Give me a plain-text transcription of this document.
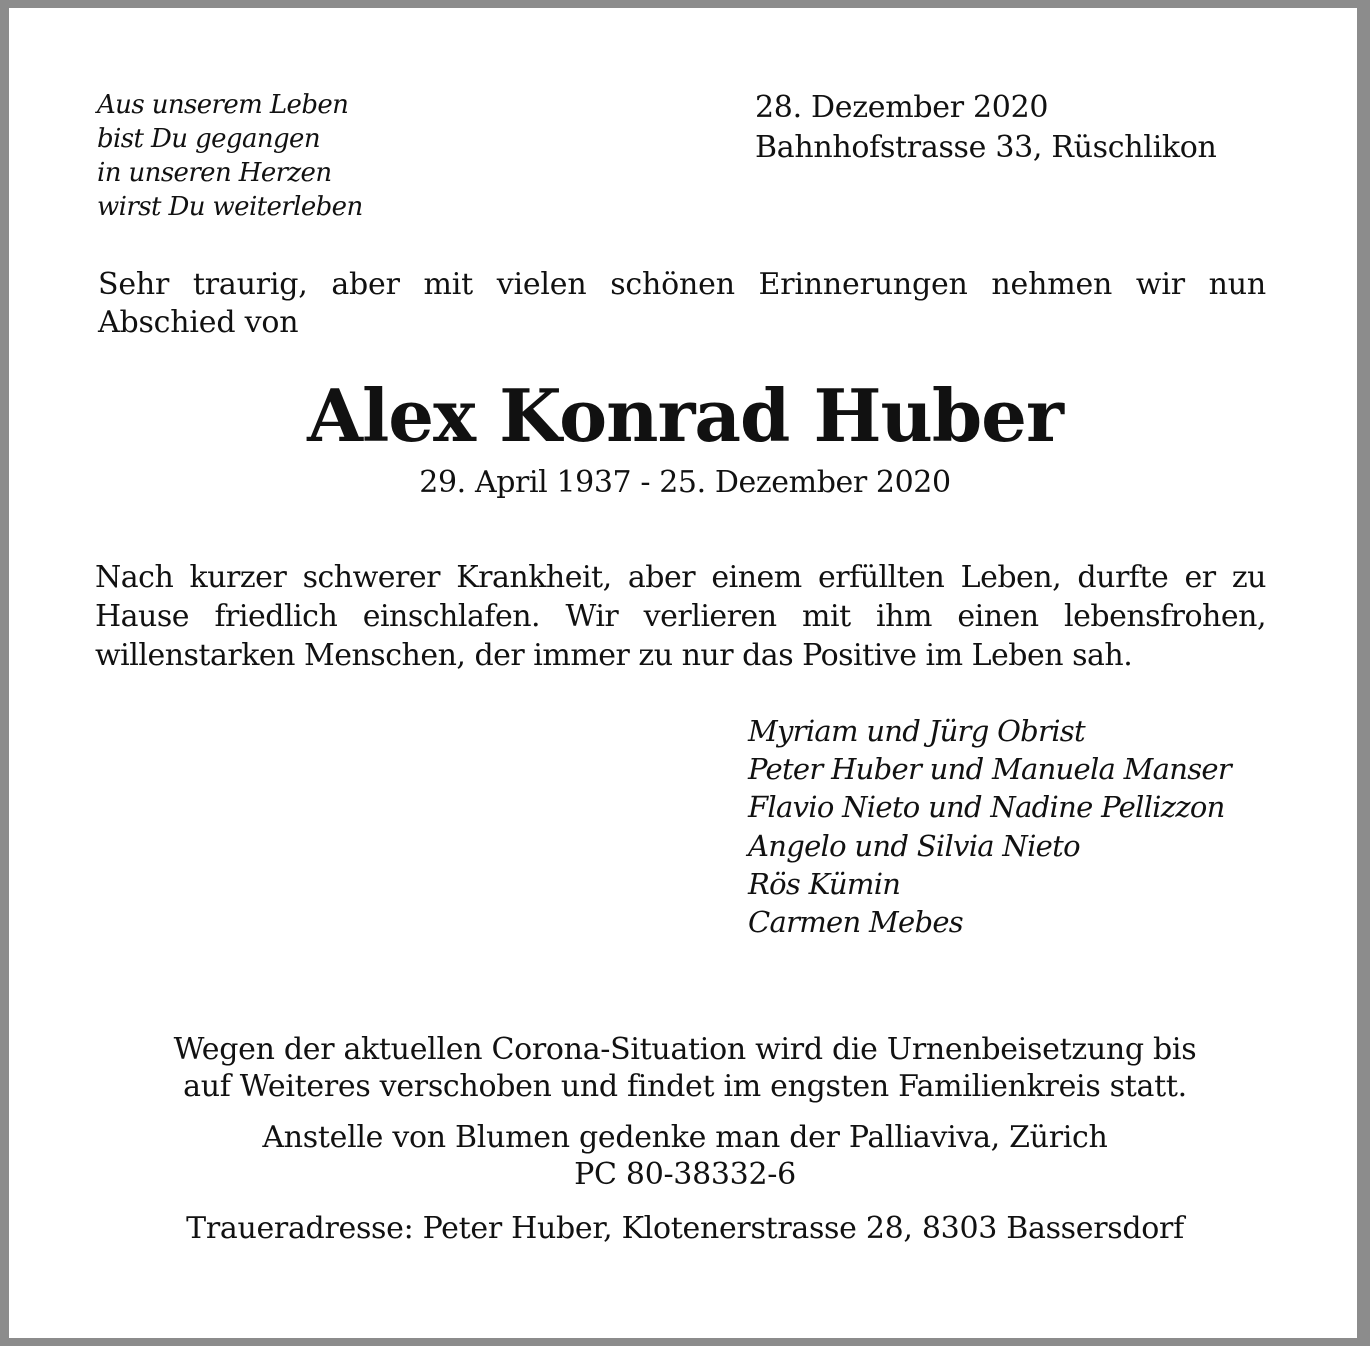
Aus unserem Leben
bist Du gegangen
in unseren Herzen
wirst Du weiterleben
28. Dezember 2020
Bahnhofstrasse 33, Rüschlikon

Sehr traurig, aber mit vielen schönen Erinnerungen nehmen wir nun Abschied von

Alex Konrad Huber
29. April 1937 - 25. Dezember 2020

Nach kurzer schwerer Krankheit, aber einem erfüllten Leben, durfte er zu Hause friedlich einschlafen. Wir verlieren mit ihm einen lebensfrohen, willenstarken Menschen, der immer zu nur das Positive im Leben sah.

Myriam und Jürg Obrist
Peter Huber und Manuela Manser
Flavio Nieto und Nadine Pellizzon
Angelo und Silvia Nieto
Rös Kümin
Carmen Mebes
Wegen der aktuellen Corona-Situation wird die Urnenbeisetzung bis
auf Weiteres verschoben und findet im engsten Familienkreis statt.
Anstelle von Blumen gedenke man der Palliaviva, Zürich
PC 80-38332-6
Traueradresse: Peter Huber, Klotenerstrasse 28, 8303 Bassersdorf
